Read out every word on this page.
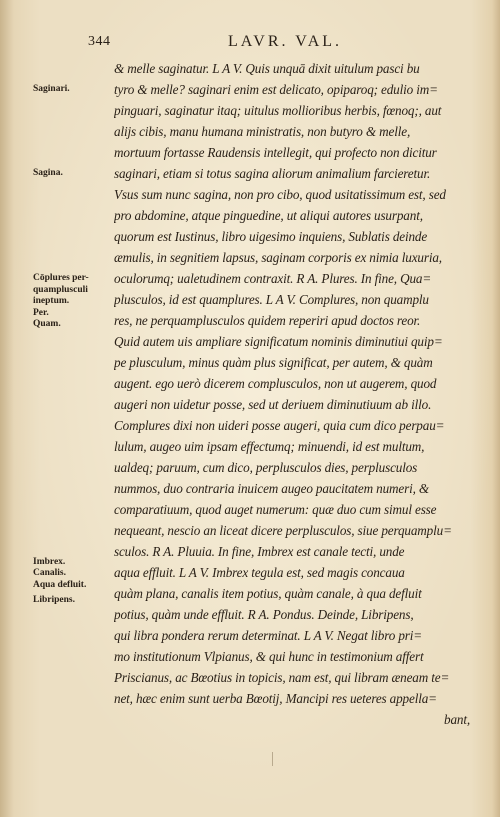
344	LAVR. VAL.
Saginari.
Sagina.
Cōplures per-
quamplusculi
ineptum.
Per.
Quam.
Imbrex.
Canalis.
Aqua defluit.
Libripens.
& melle saginatur. L A V. Quis unquā dixit uitulum pasci bu
tyro & melle? saginari enim est delicato, opiparoq; edulio im=
pinguari, saginatur itaq; uitulus mollioribus herbis, fœnoq;, aut
alijs cibis, manu humana ministratis, non butyro & melle,
mortuum fortasse Raudensis intellegit, qui profecto non dicitur
saginari, etiam si totus sagina aliorum animalium farcieretur.
Vsus sum nunc sagina, non pro cibo, quod usitatissimum est, sed
pro abdomine, atque pinguedine, ut aliqui autores usurpant,
quorum est Iustinus, libro uigesimo inquiens, Sublatis deinde
æmulis, in segnitiem lapsus, saginam corporis ex nimia luxuria,
oculorumq; ualetudinem contraxit. R A. Plures. In fine, Qua=
plusculos, id est quamplures. L A V. Complures, non quamplu
res, ne perquamplusculos quidem reperiri apud doctos reor.
Quid autem uis ampliare significatum nominis diminutiui quip=
pe plusculum, minus quàm plus significat, per autem, & quàm
augent. ego uerò dicerem complusculos, non ut augerem, quod
augeri non uidetur posse, sed ut deriuem diminutiuum ab illo.
Complures dixi non uideri posse augeri, quia cum dico perpau=
lulum, augeo uim ipsam effectumq; minuendi, id est multum,
ualdeq; paruum, cum dico, perplusculos dies, perplusculos
nummos, duo contraria inuicem augeo paucitatem numeri, &
comparatiuum, quod auget numerum: quæ duo cum simul esse
nequeant, nescio an liceat dicere perplusculos, siue perquamplu=
sculos. R A. Pluuia. In fine, Imbrex est canale tecti, unde
aqua effluit. L A V. Imbrex tegula est, sed magis concaua
quàm plana, canalis item potius, quàm canale, à qua defluit
potius, quàm unde effluit. R A. Pondus. Deinde, Libripens,
qui libra pondera rerum determinat. L A V. Negat libro pri=
mo institutionum Vlpianus, & qui hunc in testimonium affert
Priscianus, ac Bœotius in topicis, nam est, qui libram æneam te=
net, hæc enim sunt uerba Bœotij, Mancipi res ueteres appella=
bant,
